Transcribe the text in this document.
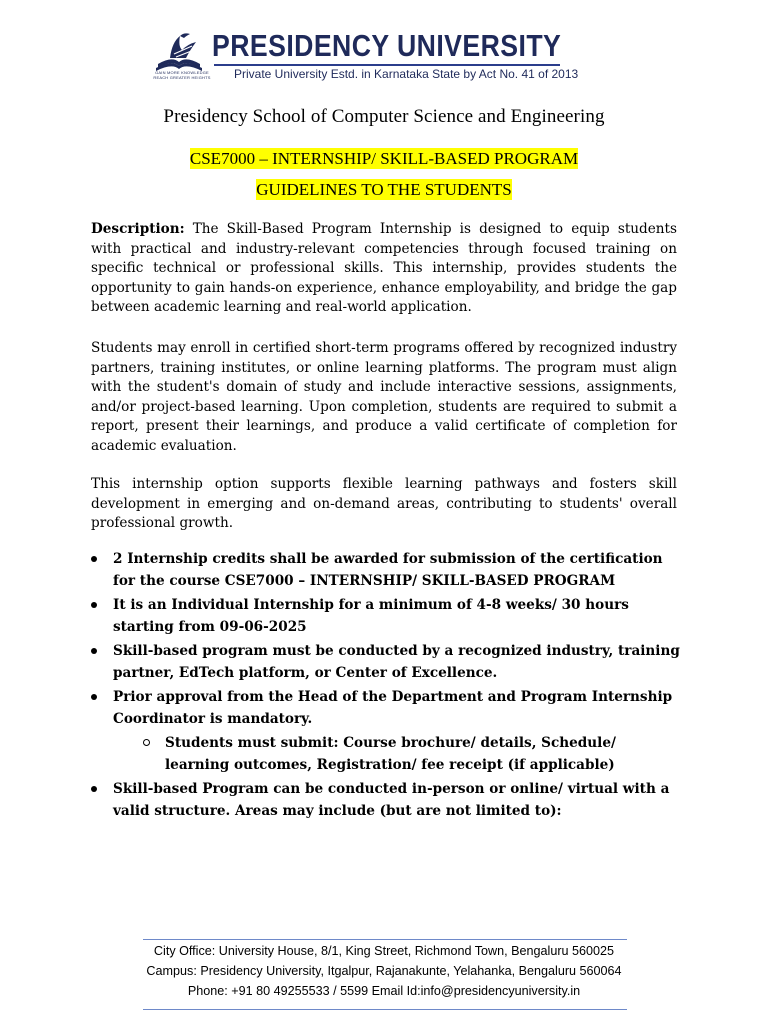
GAIN MORE KNOWLEDGE REACH GREATER HEIGHTS
PRESIDENCY UNIVERSITY
Private University Estd. in Karnataka State by Act No. 41 of 2013
Presidency School of Computer Science and Engineering
CSE7000 – INTERNSHIP/ SKILL-BASED PROGRAM
GUIDELINES TO THE STUDENTS
Description: The Skill-Based Program Internship is designed to equip students with practical and industry-relevant competencies through focused training on specific technical or professional skills. This internship, provides students the opportunity to gain hands-on experience, enhance employability, and bridge the gap between academic learning and real-world application.
Students may enroll in certified short-term programs offered by recognized industry partners, training institutes, or online learning platforms. The program must align with the student's domain of study and include interactive sessions, assignments, and/or project-based learning. Upon completion, students are required to submit a report, present their learnings, and produce a valid certificate of completion for academic evaluation.
This internship option supports flexible learning pathways and fosters skill development in emerging and on-demand areas, contributing to students' overall professional growth.
2 Internship credits shall be awarded for submission of the certification for the course CSE7000 – INTERNSHIP/ SKILL-BASED PROGRAM
It is an Individual Internship for a minimum of 4-8 weeks/ 30 hours starting from 09-06-2025
Skill-based program must be conducted by a recognized industry, training partner, EdTech platform, or Center of Excellence.
Prior approval from the Head of the Department and Program Internship Coordinator is mandatory.
Students must submit: Course brochure/ details, Schedule/ learning outcomes, Registration/ fee receipt (if applicable)
Skill-based Program can be conducted in-person or online/ virtual with a valid structure. Areas may include (but are not limited to):
City Office: University House, 8/1, King Street, Richmond Town, Bengaluru 560025
Campus: Presidency University, Itgalpur, Rajanakunte, Yelahanka, Bengaluru 560064
Phone: +91 80 49255533 / 5599 Email Id:info@presidencyuniversity.in
